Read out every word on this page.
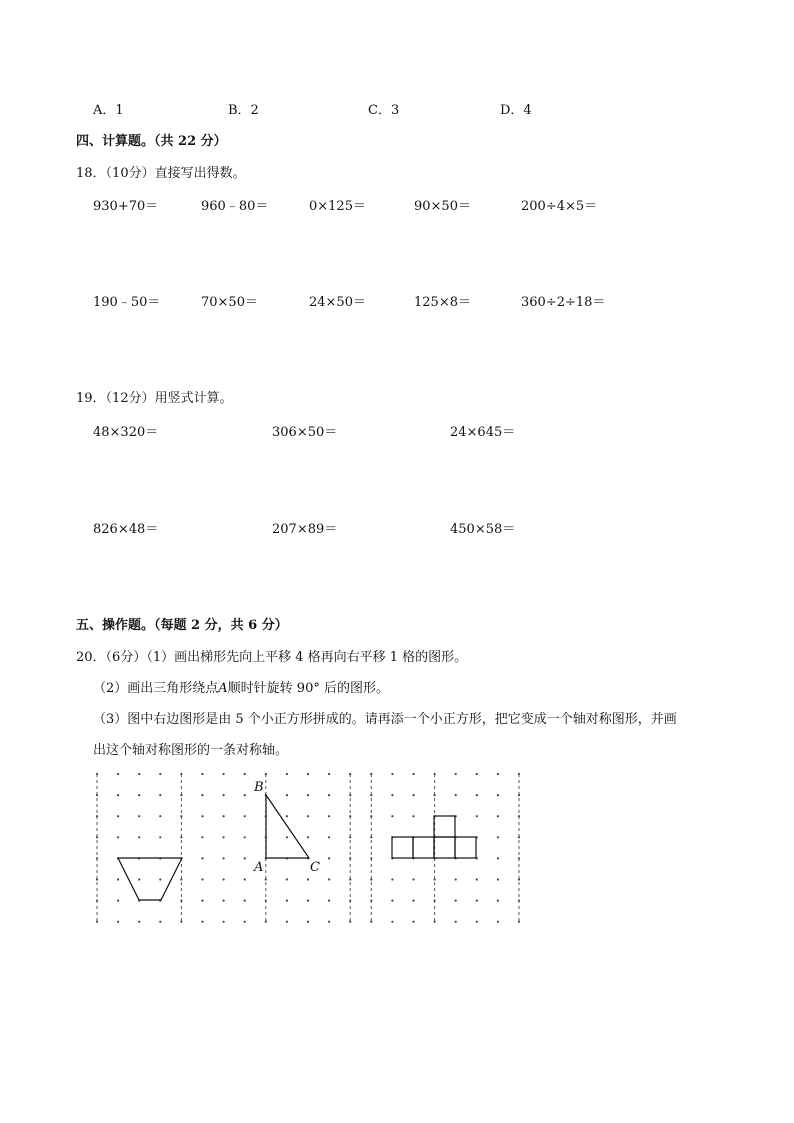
A．1	B．2	C．3	D．4
四、计算题。（共 22 分）
18．（10分）直接写出得数。
930+70＝	960﹣80＝	0×125＝	90×50＝	200÷4×5＝
190﹣50＝	70×50＝	24×50＝	125×8＝	360÷2÷18＝
19．（12分）用竖式计算。
48×320＝	306×50＝	24×645＝
826×48＝	207×89＝	450×58＝
五、操作题。（每题 2 分，共 6 分）
20．（6分）（1）画出梯形先向上平移 4 格再向右平移 1 格的图形。
（2）画出三角形绕点A顺时针旋转 90° 后的图形。
（3）图中右边图形是由 5 个小正方形拼成的。请再添一个小正方形，把它变成一个轴对称图形，并画
出这个轴对称图形的一条对称轴。
B
A	C
